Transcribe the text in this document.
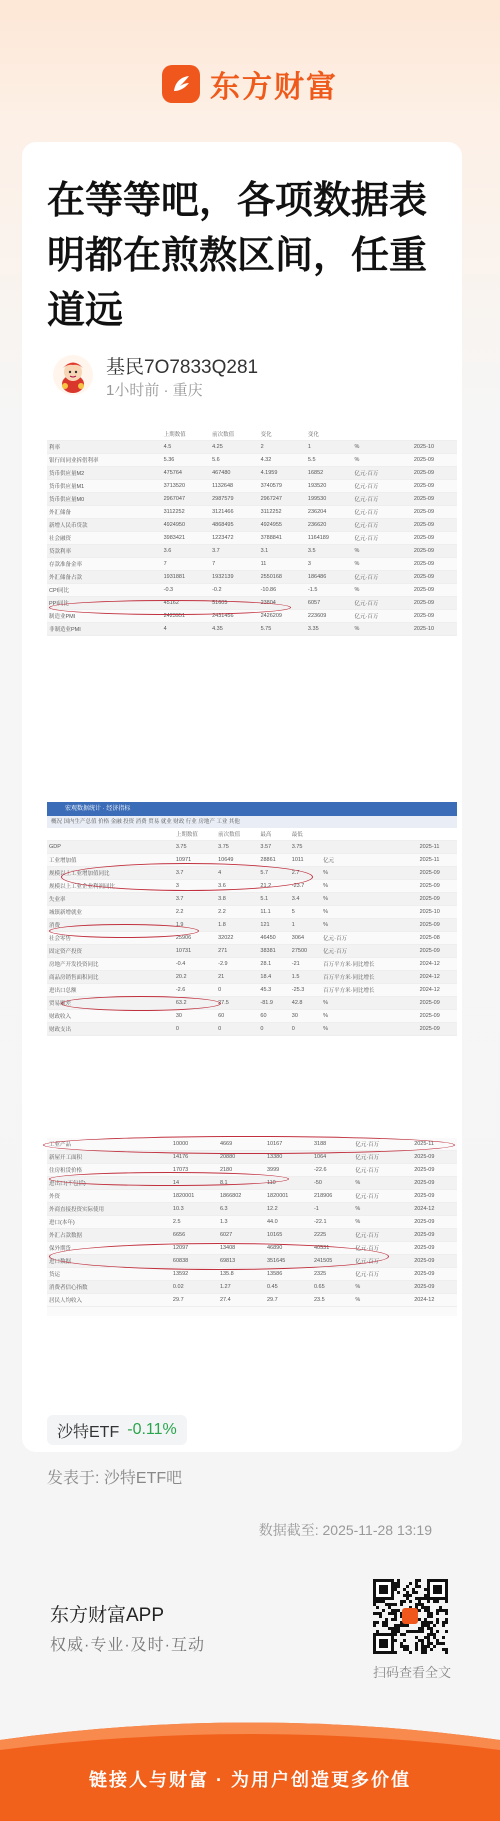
东方财富
在等等吧，各项数据表明都在煎熬区间，任重道远
基民7O7833Q281
1小时前 · 重庆
			上期数值	前次数值	变化	变化			
利率			4.5	4.25	2	1	%		2025-10
银行间同业拆借利率			5.36	5.6	4.32	5.5	%		2025-09
货币供应量M2			475764	467480	4.1959	16852	亿元·百万		2025-09
货币供应量M1			3713520	1132648	3740579	193520	亿元·百万		2025-09
货币供应量M0			2967047	2987579	2967247	199530	亿元·百万		2025-09
外汇储备			3112252	3121466	3112252	236204	亿元·百万		2025-09
新增人民币贷款			4924950	4868495	4924955	236620	亿元·百万		2025-09
社会融资			3983421	1223472	3788841	1164189	亿元·百万		2025-09
贷款利率			3.6	3.7	3.1	3.5	%		2025-09
存款准备金率			7	7	11	3	%		2025-09
外汇储备占款			1931881	1932139	2550168	186486	亿元·百万		2025-09
CPI同比			-0.3	-0.2	-10.86	-1.5	%		2025-09
PPI同比			45162	51605	23804	6057	亿元·百万		2025-09
制造业PMI			2423951	2431456	2426209	223609	亿元·百万		2025-09
非制造业PMI			4	4.35	5.75	3.35	%		2025-10
宏观数据统计 · 经济指标
概况 国内生产总值 价格 金融 投资 消费 贸易 就业 财政 行业 房地产 工业 其他
			上期数值	前次数值	最高	最低			
GDP			3.75	3.75	3.57	3.75			2025-11
工业增加值			10971	10649	28861	1011	亿元		2025-11
规模以上工业增加值同比			3.7	4	5.7	2.7	%		2025-09
规模以上工业企业利润同比			3	3.6	21.2	-23.7	%		2025-09
失业率			3.7	3.8	5.1	3.4	%		2025-09
城镇新增就业			2.2	2.2	11.1	5	%		2025-10
消费			1.9	1.8	121	1	%		2025-09
社会零售			25906	32022	46450	3064	亿元·百万		2025-08
固定资产投资			10731	271	38381	27500	亿元·百万		2025-09
房地产开发投资同比			-0.4	-2.9	28.1	-21	百万平方米·同比增长		2024-12
商品房销售面积同比			20.2	21	18.4	1.5	百万平方米·同比增长		2024-12
进出口总额			-2.6	0	45.3	-25.3	百万平方米·同比增长		2024-12
贸易顺差			63.2	27.5	-81.9	42.8	%		2025-09
财政收入			30	60	60	30	%		2025-09
财政支出			0	0	0	0	%		2025-09
工业产品			10000	4669	10167	3188	亿元·百万		2025-11
新屋开工面积			14176	20880	13380	1064	亿元·百万		2025-09
住房租赁价格			17073	2180	3999	-22.6	亿元·百万		2025-09
进出口(不包括)			14	8.1	110	-50	%		2025-09
外资			1820001	1866802	1820001	218906	亿元·百万		2025-09
外商直接投资实际使用			10.3	6.3	12.2	-1	%		2024-12
进口(本年)			2.5	1.3	44.0	-22.1	%		2025-09
外汇占款数据			6656	6027	10165	2225	亿元·百万		2025-09
保外期货			12097	13408	46890	40531	亿元·百万		2025-09
进口数据			60838	69813	351645	241505	亿元·百万		2025-09
货运			13592	135.8	13586	2325	亿元·百万		2025-09
消费者信心指数			0.02	1.27	0.45	0.65	%		2025-09
居民人均收入			29.7	27.4	29.7	23.5	%		2024-12
沙特ETF -0.11%
发表于: 沙特ETF吧
数据截至: 2025-11-28 13:19
东方财富APP
权威·专业·及时·互动
扫码查看全文
链接人与财富 · 为用户创造更多价值
